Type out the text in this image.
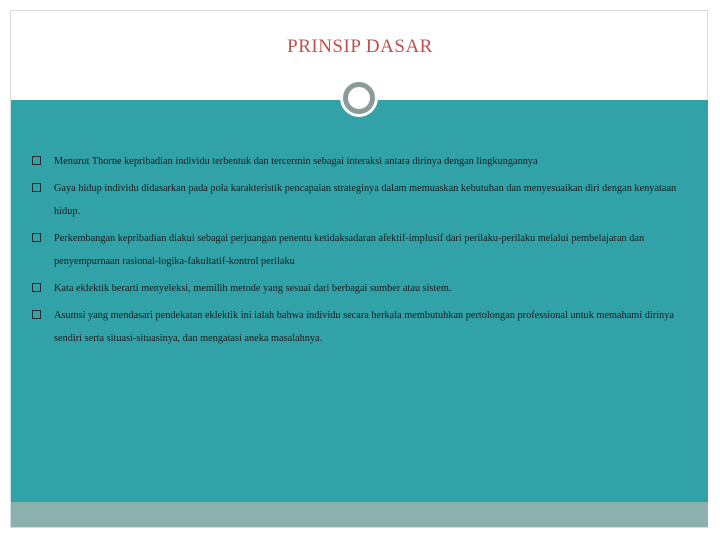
PRINSIP DASAR
Menurut Thorne kepribadian individu terbentuk dan tercermin sebagai interaksi antara dirinya dengan lingkungannya
Gaya hidup individu didasarkan pada pola karakteristik pencapaian strateginya dalam memuaskan kebutuhan dan menyesuaikan diri dengan kenyataan hidup.
Perkembangan kepribadian diakui sebagai perjuangan penentu ketidaksadaran afektif-implusif dari perilaku-perilaku melalui pembelajaran dan penyempurnaan rasional-logika-fakultatif-kontrol perilaku
Kata eklektik berarti menyeleksi, memilih metode yang sesuai dari berbagai sumber atau sistem.
Asumsi yang mendasari pendekatan eklektik ini ialah bahwa individu secara berkala membutuhkan pertolongan professional untuk memahami dirinya sendiri serta situasi-situasinya, dan mengatasi aneka masalahnya.
